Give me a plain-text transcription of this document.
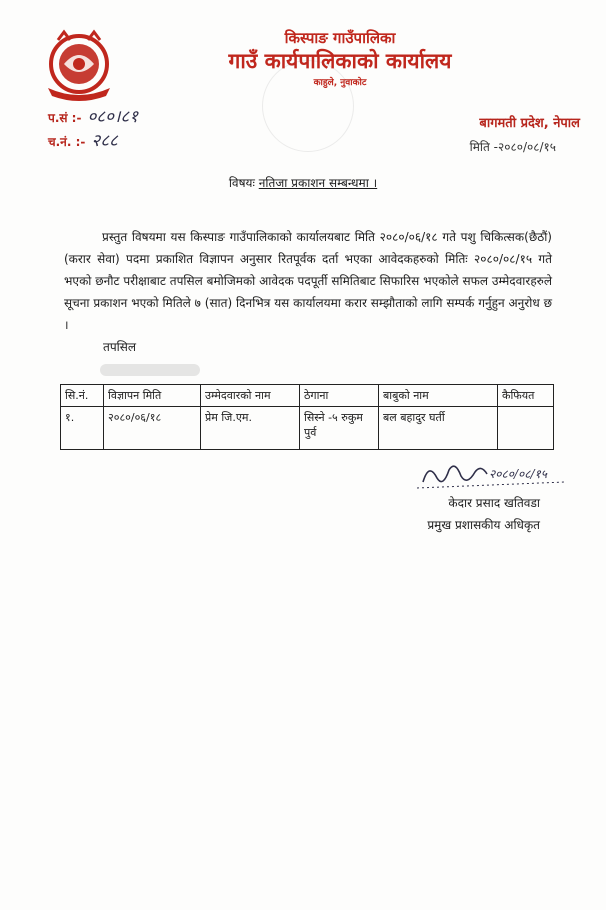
किस्पाङ गाउँपालिका
गाउँ कार्यपालिकाको कार्यालय
काहुले, नुवाकोट
प.सं :- ०८०।८१
च.नं. :- २८८
बागमती प्रदेश, नेपाल
मिति -२०८०/०८/१५
विषयः नतिजा प्रकाशन सम्बन्धमा ।
प्रस्तुत विषयमा यस किस्पाङ गाउँपालिकाको कार्यालयबाट मिति २०८०/०६/१८ गते पशु चिकित्सक(छैठौं) (करार सेवा) पदमा प्रकाशित विज्ञापन अनुसार रितपूर्वक दर्ता भएका आवेदकहरुको मितिः २०८०/०८/१५ गते भएको छनौट परीक्षाबाट तपसिल बमोजिमको आवेदक पदपूर्ती समितिबाट सिफारिस भएकोले सफल उम्मेदवारहरुले सूचना प्रकाशन भएको मितिले ७ (सात) दिनभित्र यस कार्यालयमा करार सम्झौताको लागि सम्पर्क गर्नुहुन अनुरोध छ ।
तपसिल
सि.नं.	विज्ञापन मिति	उम्मेदवारको नाम	ठेगाना	बाबुको नाम	कैफियत
१.	२०८०/०६/१८	प्रेम जि.एम.	सिस्ने -५ रुकुम पुर्व	बल बहादुर घर्ती	
२०८०/०८/१५
केदार प्रसाद खतिवडा
प्रमुख प्रशासकीय अधिकृत
